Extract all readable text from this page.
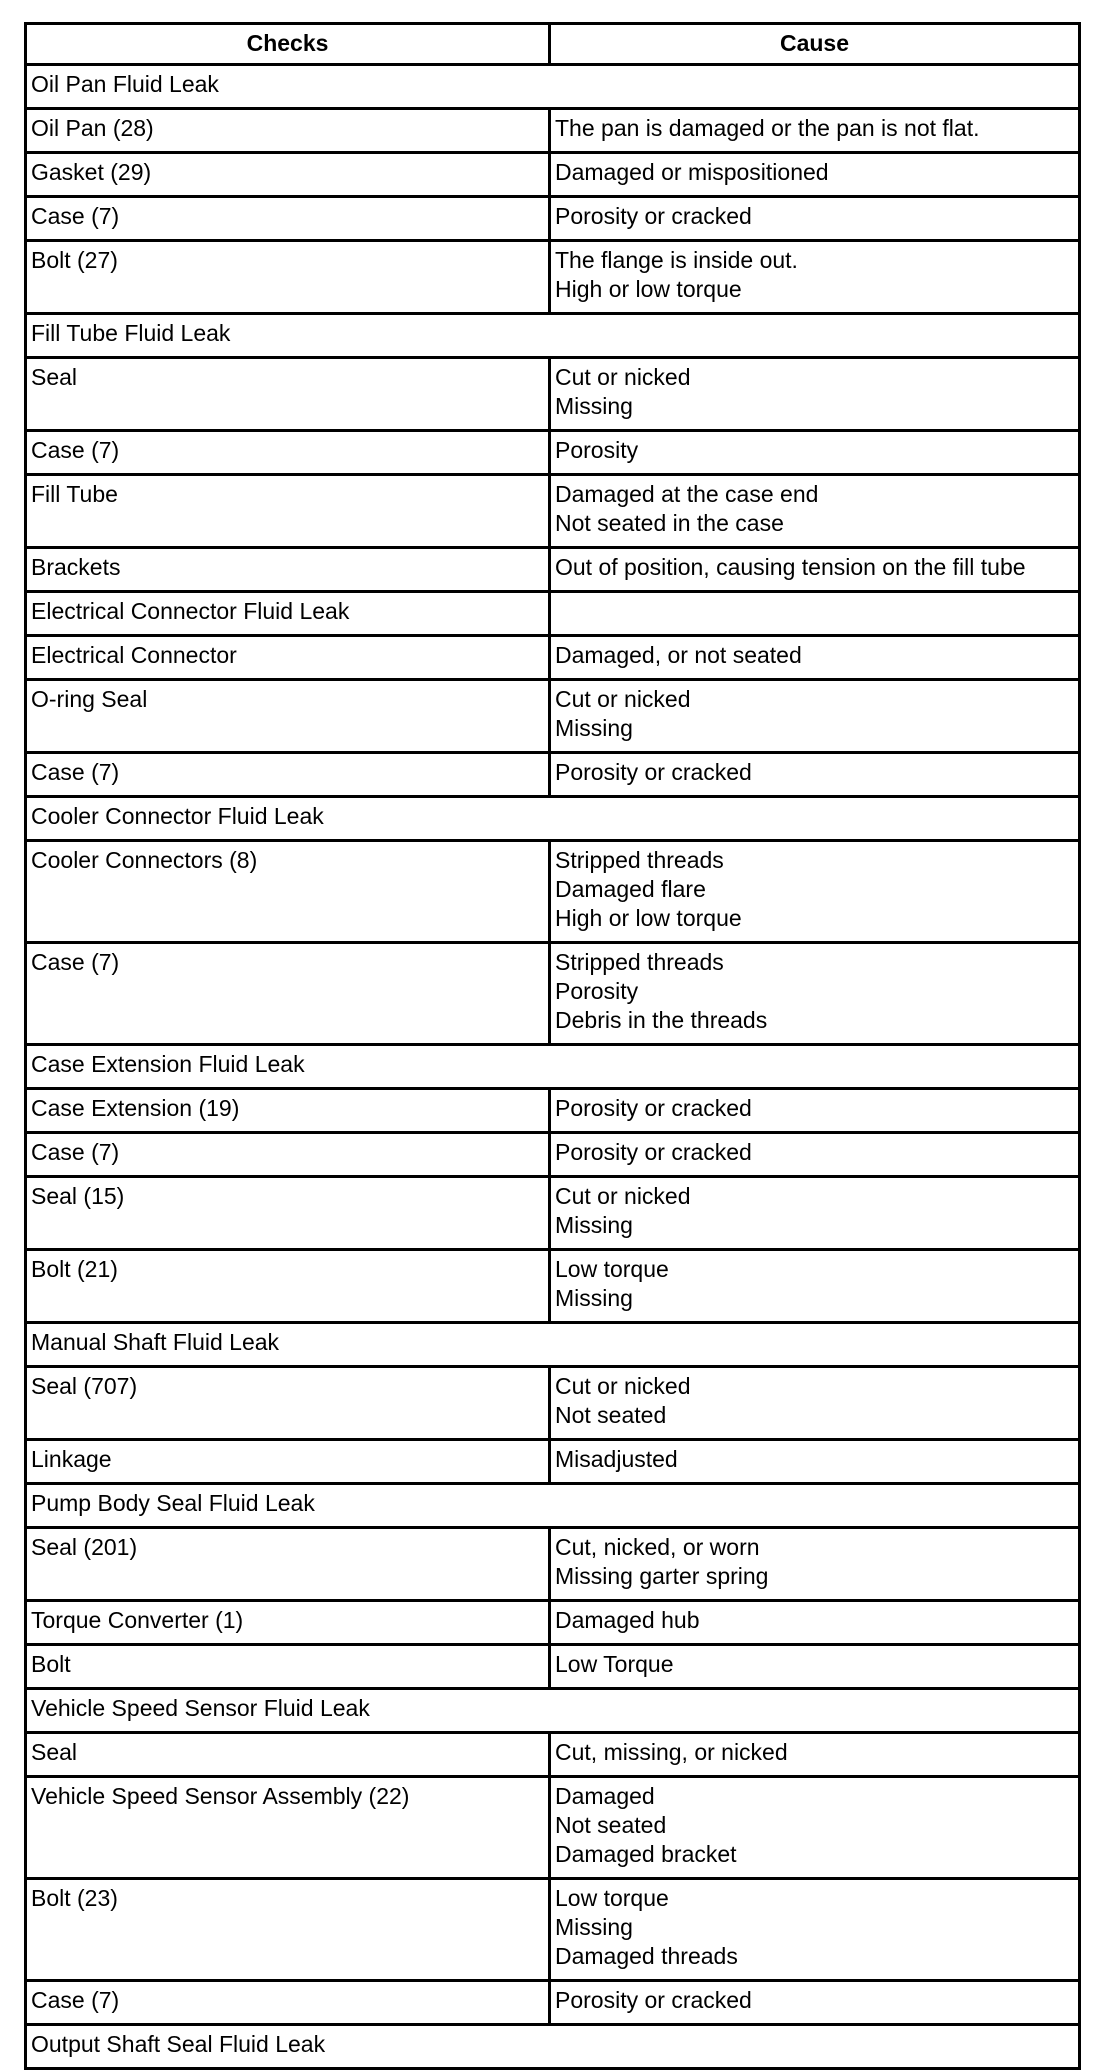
Checks	Cause
Oil Pan Fluid Leak	
Oil Pan (28)	The pan is damaged or the pan is not flat.

Gasket (29)	Damaged or mispositioned

Case (7)	Porosity or cracked

Bolt (27)	The flange is inside out.
High or low torque

Fill Tube Fluid Leak	
Seal	Cut or nicked
Missing

Case (7)	Porosity

Fill Tube	Damaged at the case end
Not seated in the case

Brackets	Out of position, causing tension on the fill tube

Electrical Connector Fluid Leak	
Electrical Connector	Damaged, or not seated

O-ring Seal	Cut or nicked
Missing

Case (7)	Porosity or cracked

Cooler Connector Fluid Leak	
Cooler Connectors (8)	Stripped threads
Damaged flare
High or low torque

Case (7)	Stripped threads
Porosity
Debris in the threads

Case Extension Fluid Leak	
Case Extension (19)	Porosity or cracked

Case (7)	Porosity or cracked

Seal (15)	Cut or nicked
Missing

Bolt (21)	Low torque
Missing

Manual Shaft Fluid Leak	
Seal (707)	Cut or nicked
Not seated

Linkage	Misadjusted

Pump Body Seal Fluid Leak	
Seal (201)	Cut, nicked, or worn
Missing garter spring

Torque Converter (1)	Damaged hub

Bolt	Low Torque

Vehicle Speed Sensor Fluid Leak	
Seal	Cut, missing, or nicked

Vehicle Speed Sensor Assembly (22)	Damaged
Not seated
Damaged bracket

Bolt (23)	Low torque
Missing
Damaged threads

Case (7)	Porosity or cracked

Output Shaft Seal Fluid Leak	
